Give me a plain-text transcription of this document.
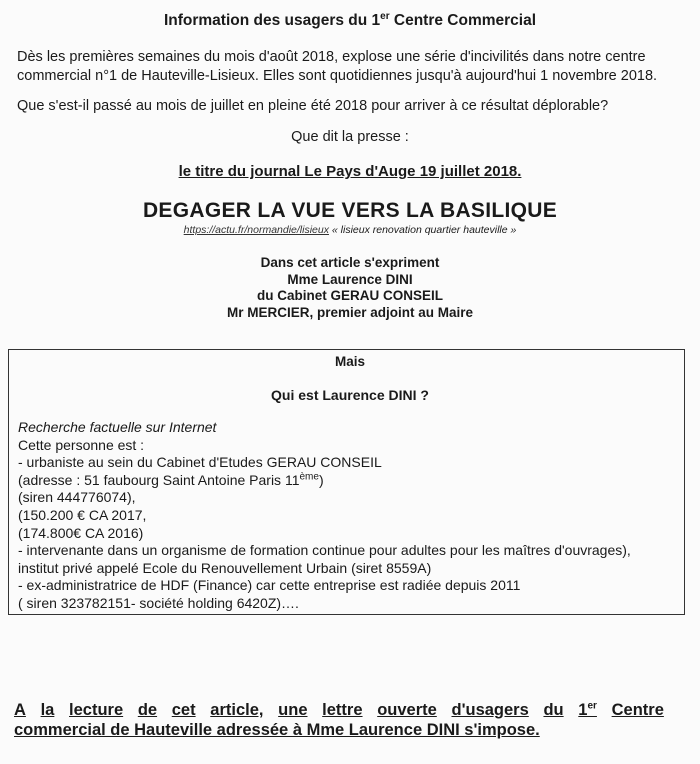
Information des usagers du 1er Centre Commercial
Dès les premières semaines du mois d'août 2018, explose une série d'incivilités dans notre centre
commercial n°1 de Hauteville-Lisieux. Elles sont quotidiennes jusqu'à aujourd'hui 1 novembre 2018.
Que s'est-il passé au mois de juillet en pleine été 2018 pour arriver à ce résultat déplorable?
Que dit la presse :
le titre du journal Le Pays d'Auge 19 juillet 2018.
DEGAGER LA VUE VERS LA BASILIQUE
https://actu.fr/normandie/lisieux « lisieux renovation quartier hauteville »
Dans cet article s'expriment
Mme Laurence DINI
du Cabinet GERAU CONSEIL
Mr MERCIER, premier adjoint au Maire
Mais
Qui est Laurence DINI ?
Recherche factuelle sur Internet
Cette personne est :
- urbaniste au sein du Cabinet d'Etudes GERAU CONSEIL
(adresse : 51 faubourg Saint Antoine Paris 11ème)
(siren 444776074),
(150.200 € CA 2017,
(174.800€ CA 2016)
- intervenante dans un organisme de formation continue pour adultes pour les maîtres d'ouvrages),
institut privé appelé Ecole du Renouvellement Urbain (siret 8559A)
- ex-administratrice de HDF (Finance) car cette entreprise est radiée depuis 2011
( siren 323782151- société holding 6420Z)….
A la lecture de cet article, une lettre ouverte d'usagers du 1er Centre
commercial de Hauteville adressée à Mme Laurence DINI s'impose.
